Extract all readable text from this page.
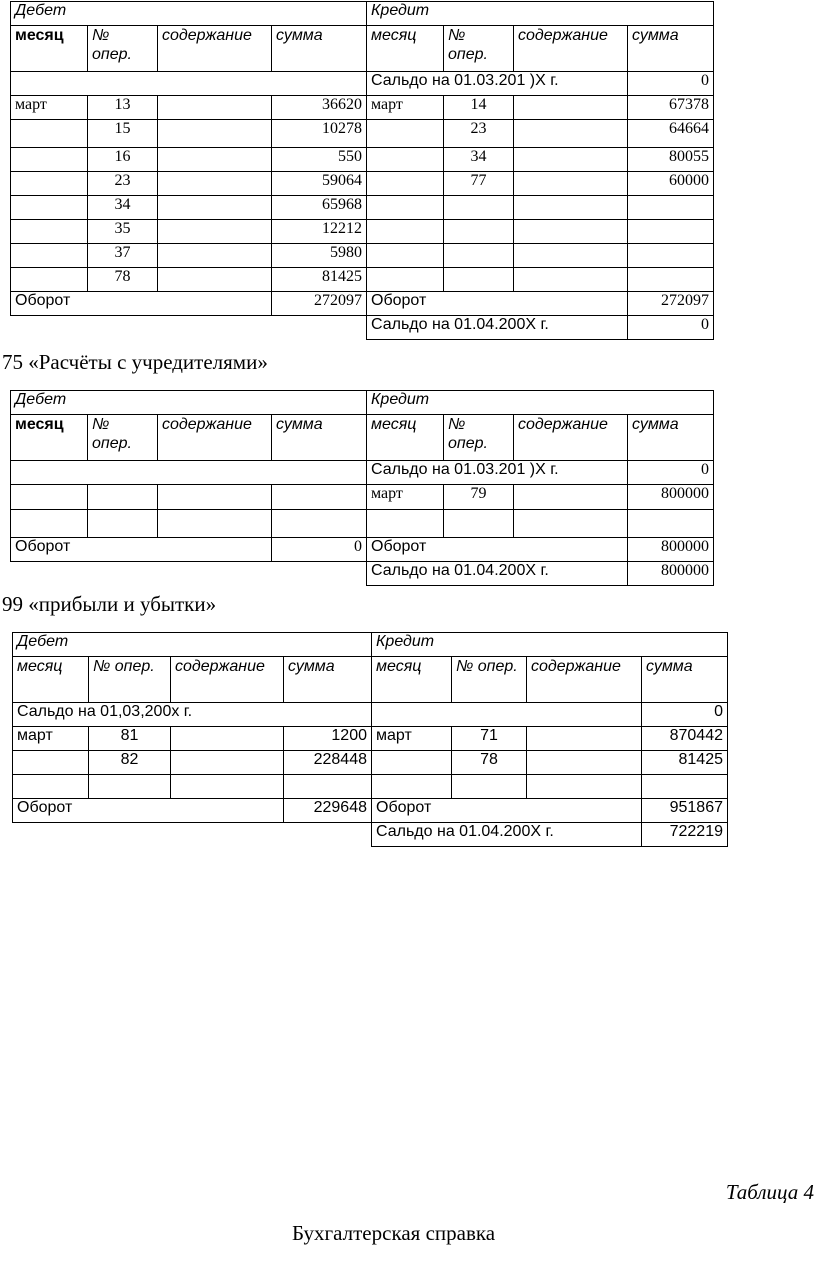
Дебет				Кредит			
месяц	№ опер.	содержание	сумма	месяц	№ опер.	содержание	сумма
				Сальдо на 01.03.201 )Х г.			0
март	13		36620	март	14		67378
	15		10278		23		64664
	16		550		34		80055
	23		59064		77		60000
	34		65968				
	35		12212				
	37		5980				
	78		81425				
Оборот			272097	Оборот			272097
				Сальдо на 01.04.200Х г.			0
75 «Расчёты с учредителями»
Дебет				Кредит			
месяц	№ опер.	содержание	сумма	месяц	№ опер.	содержание	сумма
				Сальдо на 01.03.201 )Х г.			0
				март	79		800000

Оборот			0	Оборот			800000
				Сальдо на 01.04.200Х г.			800000
99 «прибыли и убытки»
Дебет				Кредит			
месяц	№ опер.	содержание	сумма	месяц	№ опер.	содержание	сумма
Сальдо на 01,03,200х г.							0
март	81		1200	март	71		870442
	82		228448		78		81425

Оборот			229648	Оборот			951867
				Сальдо на 01.04.200Х г.			722219
Таблица 4
Бухгалтерская справка
